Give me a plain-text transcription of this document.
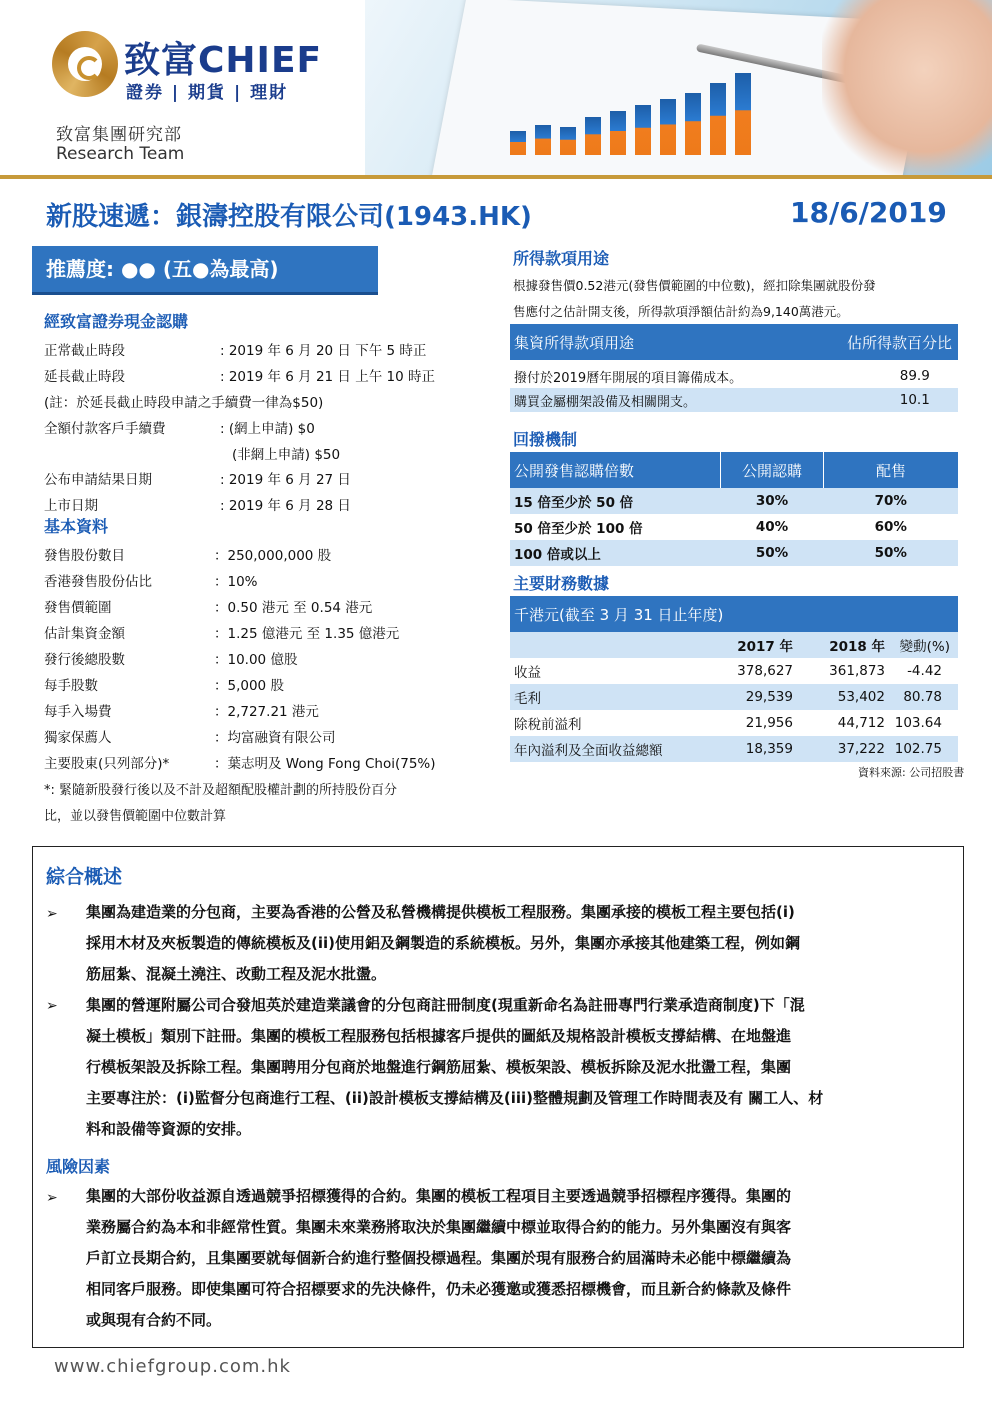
致富CHIEF
證券 | 期貨 | 理財
致富集團研究部
Research Team
新股速遞：銀濤控股有限公司(1943.HK)	18/6/2019
推薦度: ●● (五●為最高)
經致富證券現金認購
正常截止時段	: 2019 年 6 月 20 日 下午 5 時正
延長截止時段	: 2019 年 6 月 21 日 上午 10 時正
(註：於延長截止時段申請之手續費一律為$50)
全額付款客戶手續費	: (網上申請) $0
(非網上申請) $50
公布申請結果日期	: 2019 年 6 月 27 日
上市日期	: 2019 年 6 月 28 日
基本資料
發售股份數目	：250,000,000 股
香港發售股份佔比	：10%
發售價範圍	：0.50 港元 至 0.54 港元
估計集資金額	：1.25 億港元 至 1.35 億港元
發行後總股數	：10.00 億股
每手股數	：5,000 股
每手入場費	：2,727.21 港元
獨家保薦人	：均富融資有限公司
主要股東(只列部分)*	：葉志明及 Wong Fong Choi(75%)
*: 緊隨新股發行後以及不計及超額配股權計劃的所持股份百分
比，並以發售價範圍中位數計算
所得款項用途
根據發售價0.52港元(發售價範圍的中位數)，經扣除集團就股份發
售應付之估計開支後，所得款項淨額估計約為9,140萬港元。
集資所得款項用途	佔所得款百分比

撥付於2019曆年開展的項目籌備成本。	89.9
購買金屬棚架設備及相關開支。	10.1
回撥機制
公開發售認購倍數	公開認購	配售
15 倍至少於 50 倍	30%	70%
50 倍至少於 100 倍	40%	60%
100 倍或以上	50%	50%
主要財務數據
千港元(截至 3 月 31 日止年度)			
	2017 年	2018 年	變動(%)
收益	378,627	361,873	-4.42
毛利	29,539	53,402	80.78
除稅前溢利	21,956	44,712	103.64
年內溢利及全面收益總額	18,359	37,222	102.75
資料來源: 公司招股書
綜合概述
➢ 集團為建造業的分包商，主要為香港的公營及私營機構提供模板工程服務。集團承接的模板工程主要包括(i)
採用木材及夾板製造的傳統模板及(ii)使用鋁及鋼製造的系統模板。另外，集團亦承接其他建築工程，例如鋼
筋屈紮、混凝土澆注、改動工程及泥水批盪。
➢ 集團的營運附屬公司合發旭英於建造業議會的分包商註冊制度(現重新命名為註冊專門行業承造商制度)下「混
凝土模板」類別下註冊。集團的模板工程服務包括根據客戶提供的圖紙及規格設計模板支撐結構、在地盤進
行模板架設及拆除工程。集團聘用分包商於地盤進行鋼筋屈紮、模板架設、模板拆除及泥水批盪工程，集團
主要專注於：(i)監督分包商進行工程、(ii)設計模板支撐結構及(iii)整體規劃及管理工作時間表及有 關工人、材
料和設備等資源的安排。
風險因素
➢ 集團的大部份收益源自透過競爭招標獲得的合約。集團的模板工程項目主要透過競爭招標程序獲得。集團的
業務屬合約為本和非經常性質。集團未來業務將取決於集團繼續中標並取得合約的能力。另外集團沒有與客
戶訂立長期合約，且集團要就每個新合約進行整個投標過程。集團於現有服務合約屆滿時未必能中標繼續為
相同客戶服務。即使集團可符合招標要求的先決條件，仍未必獲邀或獲悉招標機會，而且新合約條款及條件
或與現有合約不同。
www.chiefgroup.com.hk
